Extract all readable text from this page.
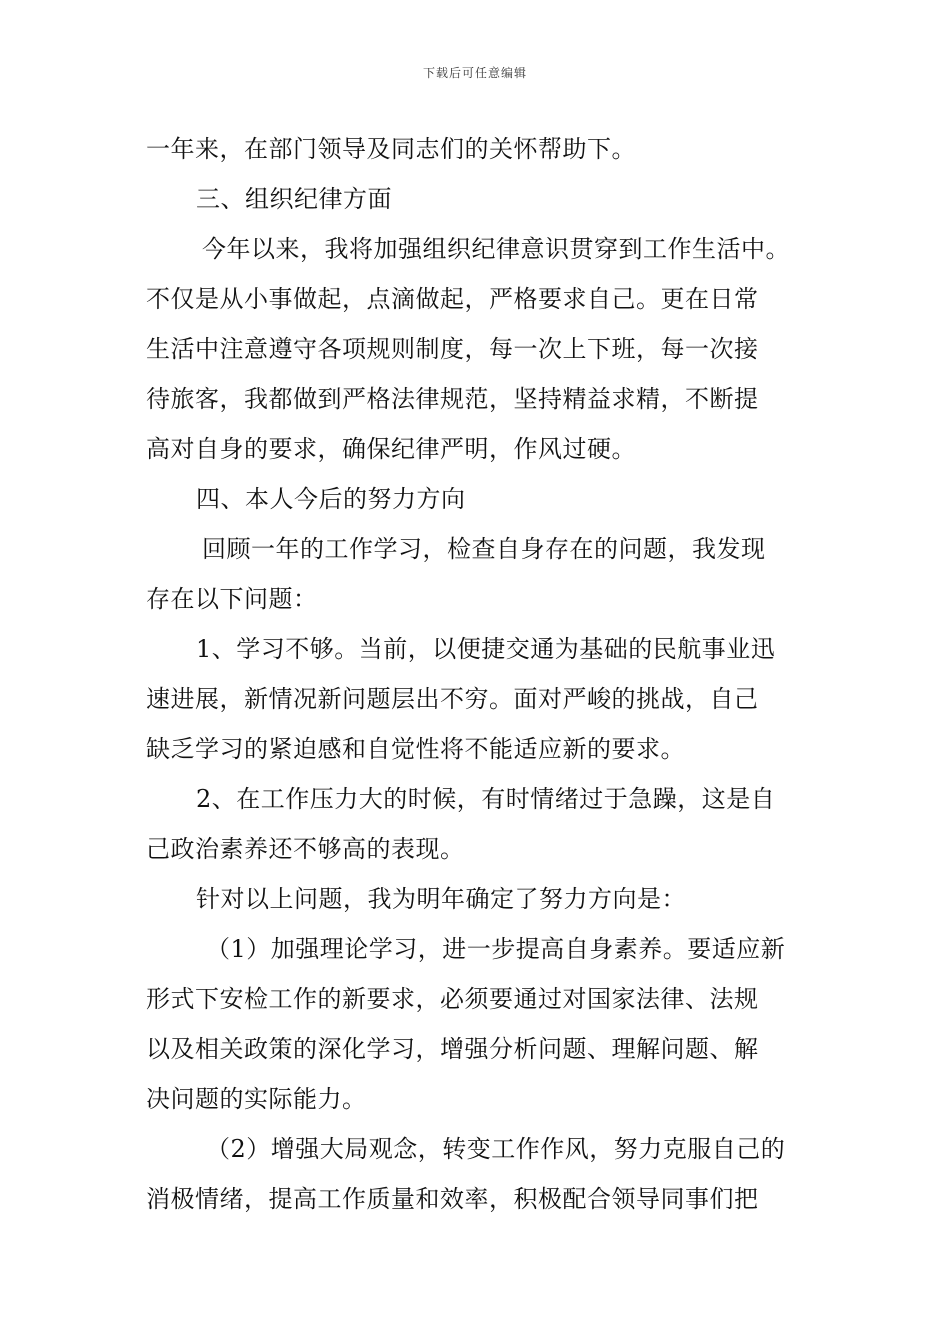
下载后可任意编辑
一年来，在部门领导及同志们的关怀帮助下。
三、组织纪律方面
今年以来，我将加强组织纪律意识贯穿到工作生活中。
不仅是从小事做起，点滴做起，严格要求自己。更在日常
生活中注意遵守各项规则制度，每一次上下班，每一次接
待旅客，我都做到严格法律规范，坚持精益求精，不断提
高对自身的要求，确保纪律严明，作风过硬。
四、本人今后的努力方向
回顾一年的工作学习，检查自身存在的问题，我发现
存在以下问题：
1、学习不够。当前，以便捷交通为基础的民航事业迅
速进展，新情况新问题层出不穷。面对严峻的挑战，自己
缺乏学习的紧迫感和自觉性将不能适应新的要求。
2、在工作压力大的时候，有时情绪过于急躁，这是自
己政治素养还不够高的表现。
针对以上问题，我为明年确定了努力方向是：
（1）加强理论学习，进一步提高自身素养。要适应新
形式下安检工作的新要求，必须要通过对国家法律、法规
以及相关政策的深化学习，增强分析问题、理解问题、解
决问题的实际能力。
（2）增强大局观念，转变工作作风，努力克服自己的
消极情绪，提高工作质量和效率，积极配合领导同事们把
